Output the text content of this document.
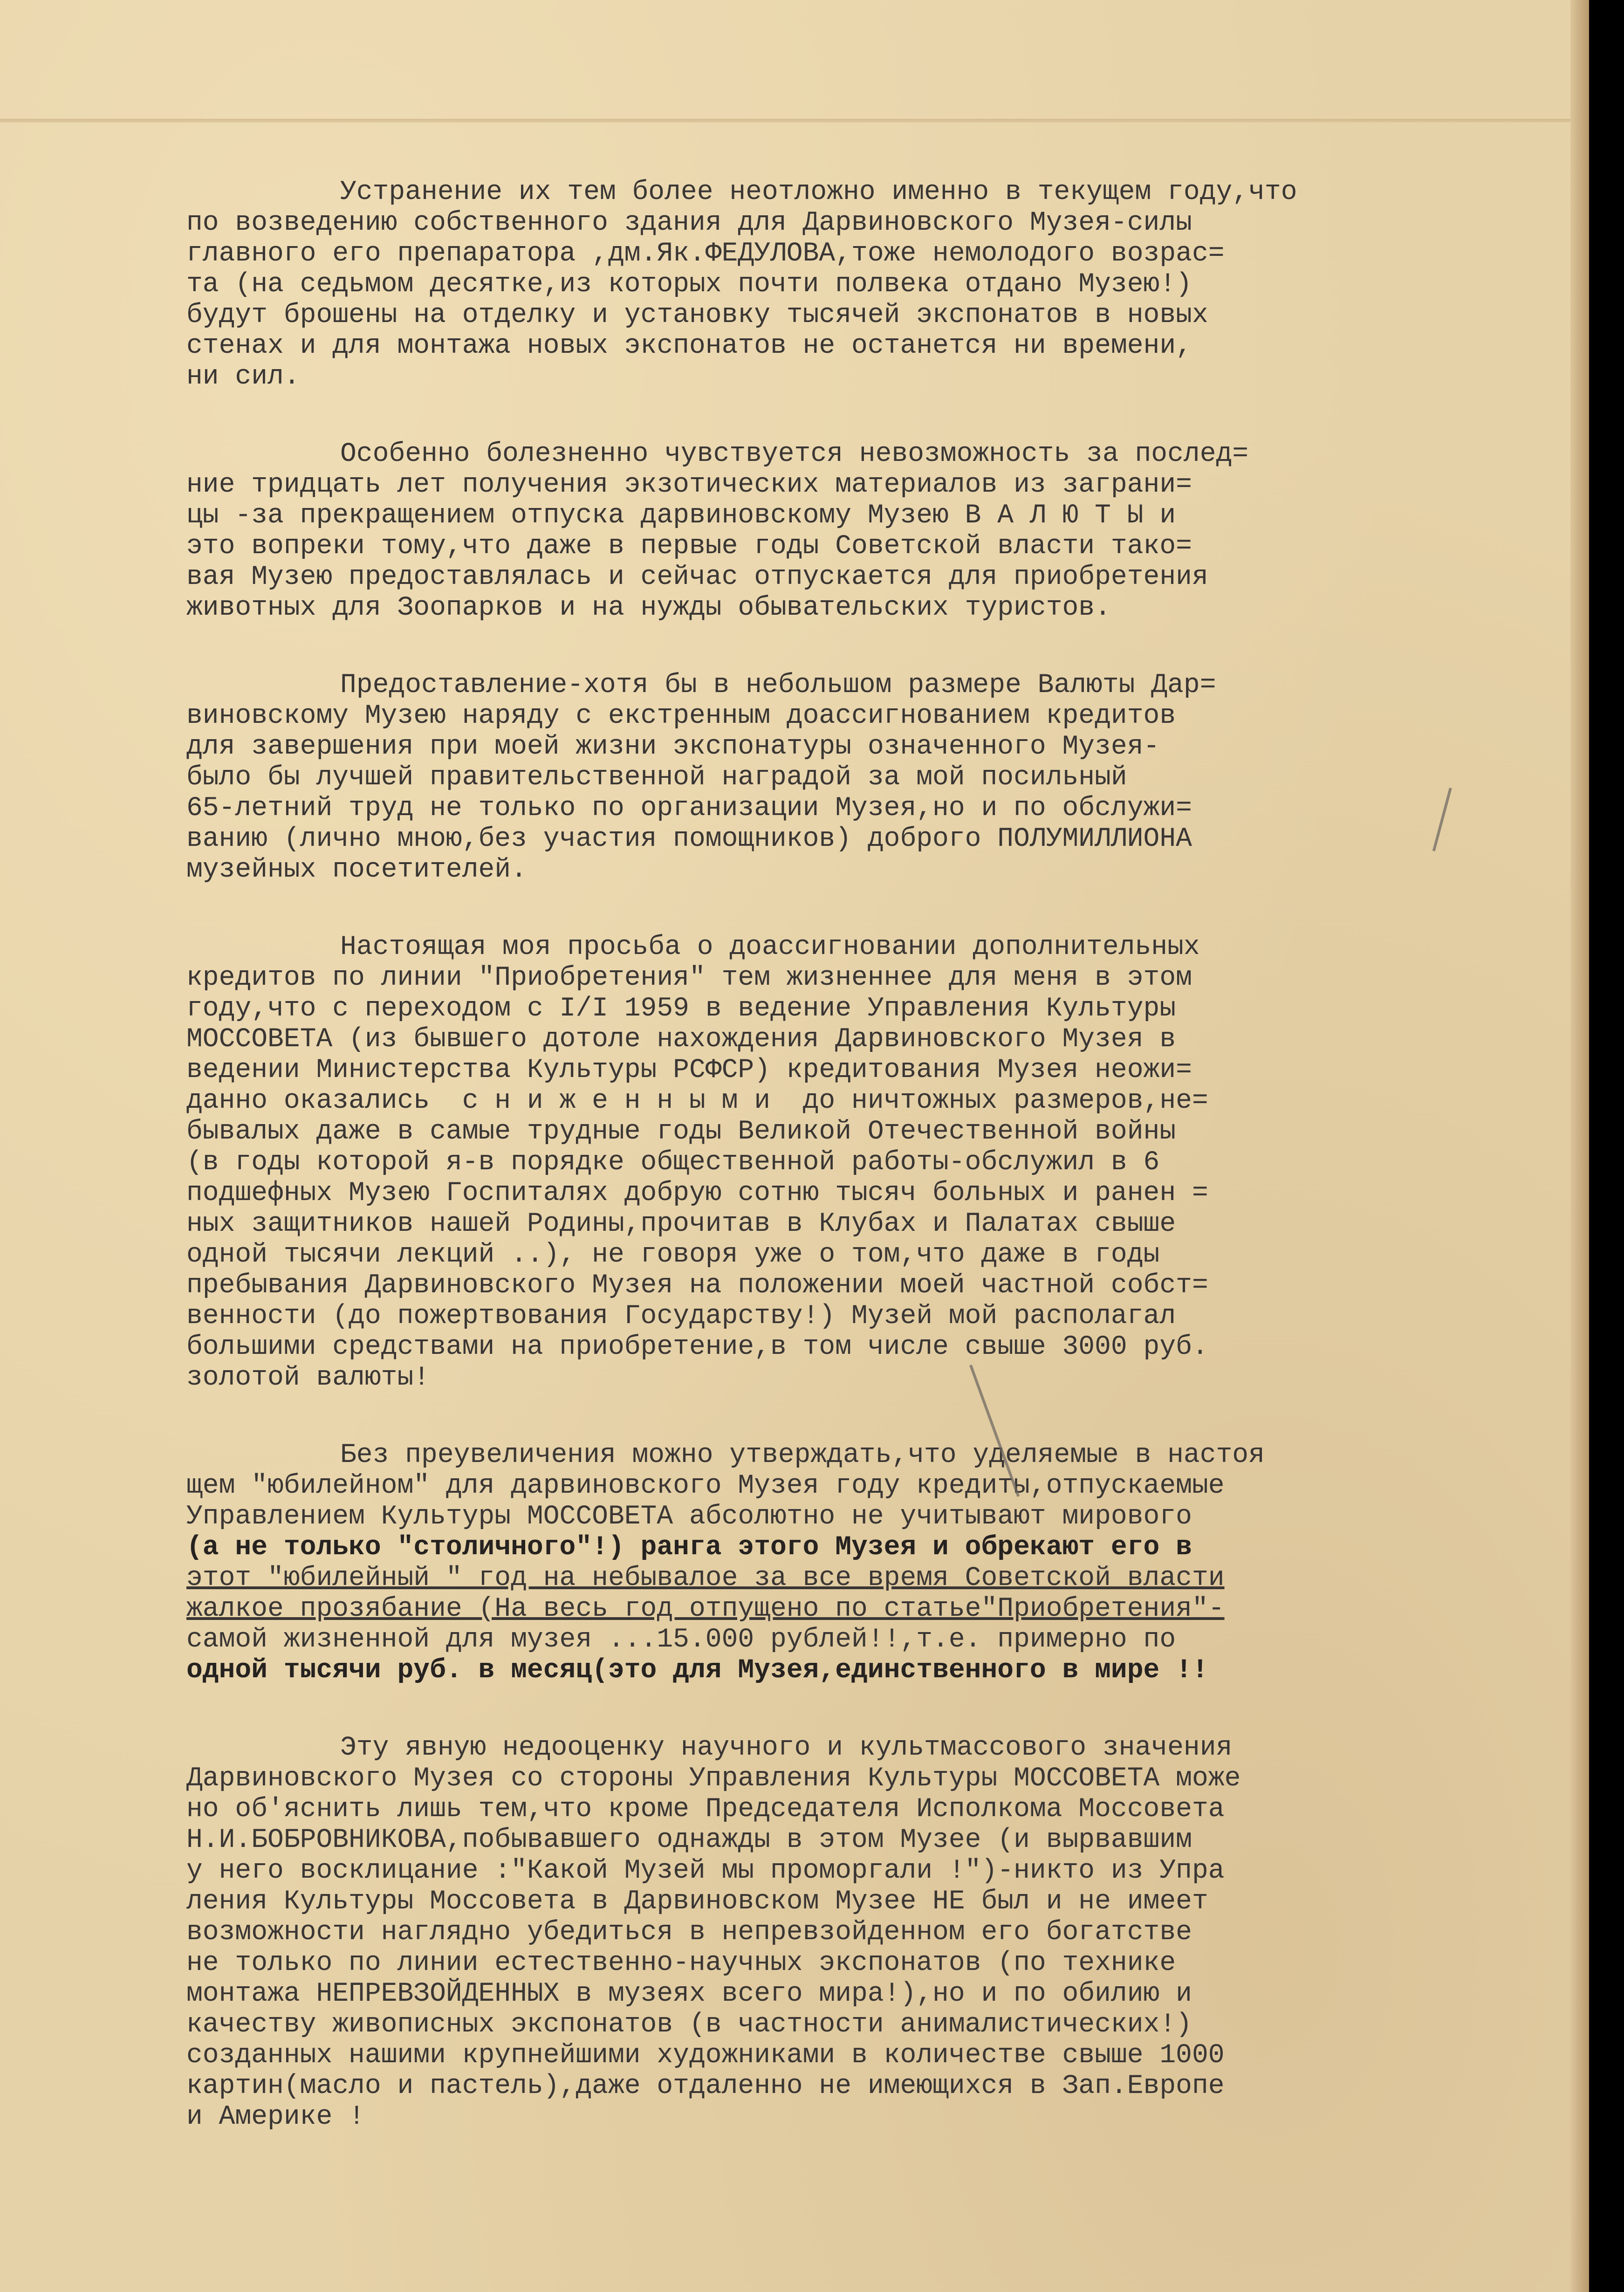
Устранение их тем более неотложно именно в текущем году,что
по возведению собственного здания для Дарвиновского Музея-силы
главного его препаратора ,дм.Як.ФЕДУЛОВА,тоже немолодого возрас=
та (на седьмом десятке,из которых почти полвека отдано Музею!)
будут брошены на отделку и установку тысячей экспонатов в новых
стенах и для монтажа новых экспонатов не останется ни времени,
ни сил.
Особенно болезненно чувствуется невозможность за послед=
ние тридцать лет получения экзотических материалов из заграни=
цы -за прекращением отпуска дарвиновскому Музею В А Л Ю Т Ы и
это вопреки тому,что даже в первые годы Советской власти тако=
вая Музею предоставлялась и сейчас отпускается для приобретения
животных для Зоопарков и на нужды обывательских туристов.
Предоставление-хотя бы в небольшом размере Валюты Дар=
виновскому Музею наряду с екстренным доассигнованием кредитов
для завершения при моей жизни экспонатуры означенного Музея-
было бы лучшей правительственной наградой за мой посильный
65-летний труд не только по организации Музея,но и по обслужи=
ванию (лично мною,без участия помощников) доброго ПОЛУМИЛЛИОНА
музейных посетителей.
Настоящая моя просьба о доассигновании дополнительных
кредитов по линии "Приобретения" тем жизненнее для меня в этом
году,что с переходом с I/I 1959 в ведение Управления Культуры
МОССОВЕТА (из бывшего дотоле нахождения Дарвиновского Музея в
ведении Министерства Культуры РСФСР) кредитования Музея неожи=
данно оказались  с н и ж е н н ы м и  до ничтожных размеров,не=
бывалых даже в самые трудные годы Великой Отечественной войны
(в годы которой я-в порядке общественной работы-обслужил в 6
подшефных Музею Госпиталях добрую сотню тысяч больных и ранен =
ных защитников нашей Родины,прочитав в Клубах и Палатах свыше
одной тысячи лекций ..), не говоря уже о том,что даже в годы
пребывания Дарвиновского Музея на положении моей частной собст=
венности (до пожертвования Государству!) Музей мой располагал
большими средствами на приобретение,в том числе свыше 3000 руб.
золотой валюты!
Без преувеличения можно утверждать,что уделяемые в настоя
щем "юбилейном" для дарвиновского Музея году кредиты,отпускаемые
Управлением Культуры МОССОВЕТА абсолютно не учитывают мирового
(а не только "столичного"!) ранга этого Музея и обрекают его в
этот "юбилейный " год на небывалое за все время Советской власти
жалкое прозябание (На весь год отпущено по статье"Приобретения"-
самой жизненной для музея ...15.000 рублей!!,т.е. примерно по
одной тысячи руб. в месяц(это для Музея,единственного в мире !!
Эту явную недооценку научного и культмассового значения
Дарвиновского Музея со стороны Управления Культуры МОССОВЕТА може
но об'яснить лишь тем,что кроме Председателя Исполкома Моссовета
Н.И.БОБРОВНИКОВА,побывавшего однажды в этом Музее (и вырвавшим
у него восклицание :"Какой Музей мы проморгали !")-никто из Упра
ления Культуры Моссовета в Дарвиновском Музее НЕ был и не имеет
возможности наглядно убедиться в непревзойденном его богатстве
не только по линии естественно-научных экспонатов (по технике
монтажа НЕПРЕВЗОЙДЕННЫХ в музеях всего мира!),но и по обилию и
качеству живописных экспонатов (в частности анималистических!)
созданных нашими крупнейшими художниками в количестве свыше 1000
картин(масло и пастель),даже отдаленно не имеющихся в Зап.Европе
и Америке !
